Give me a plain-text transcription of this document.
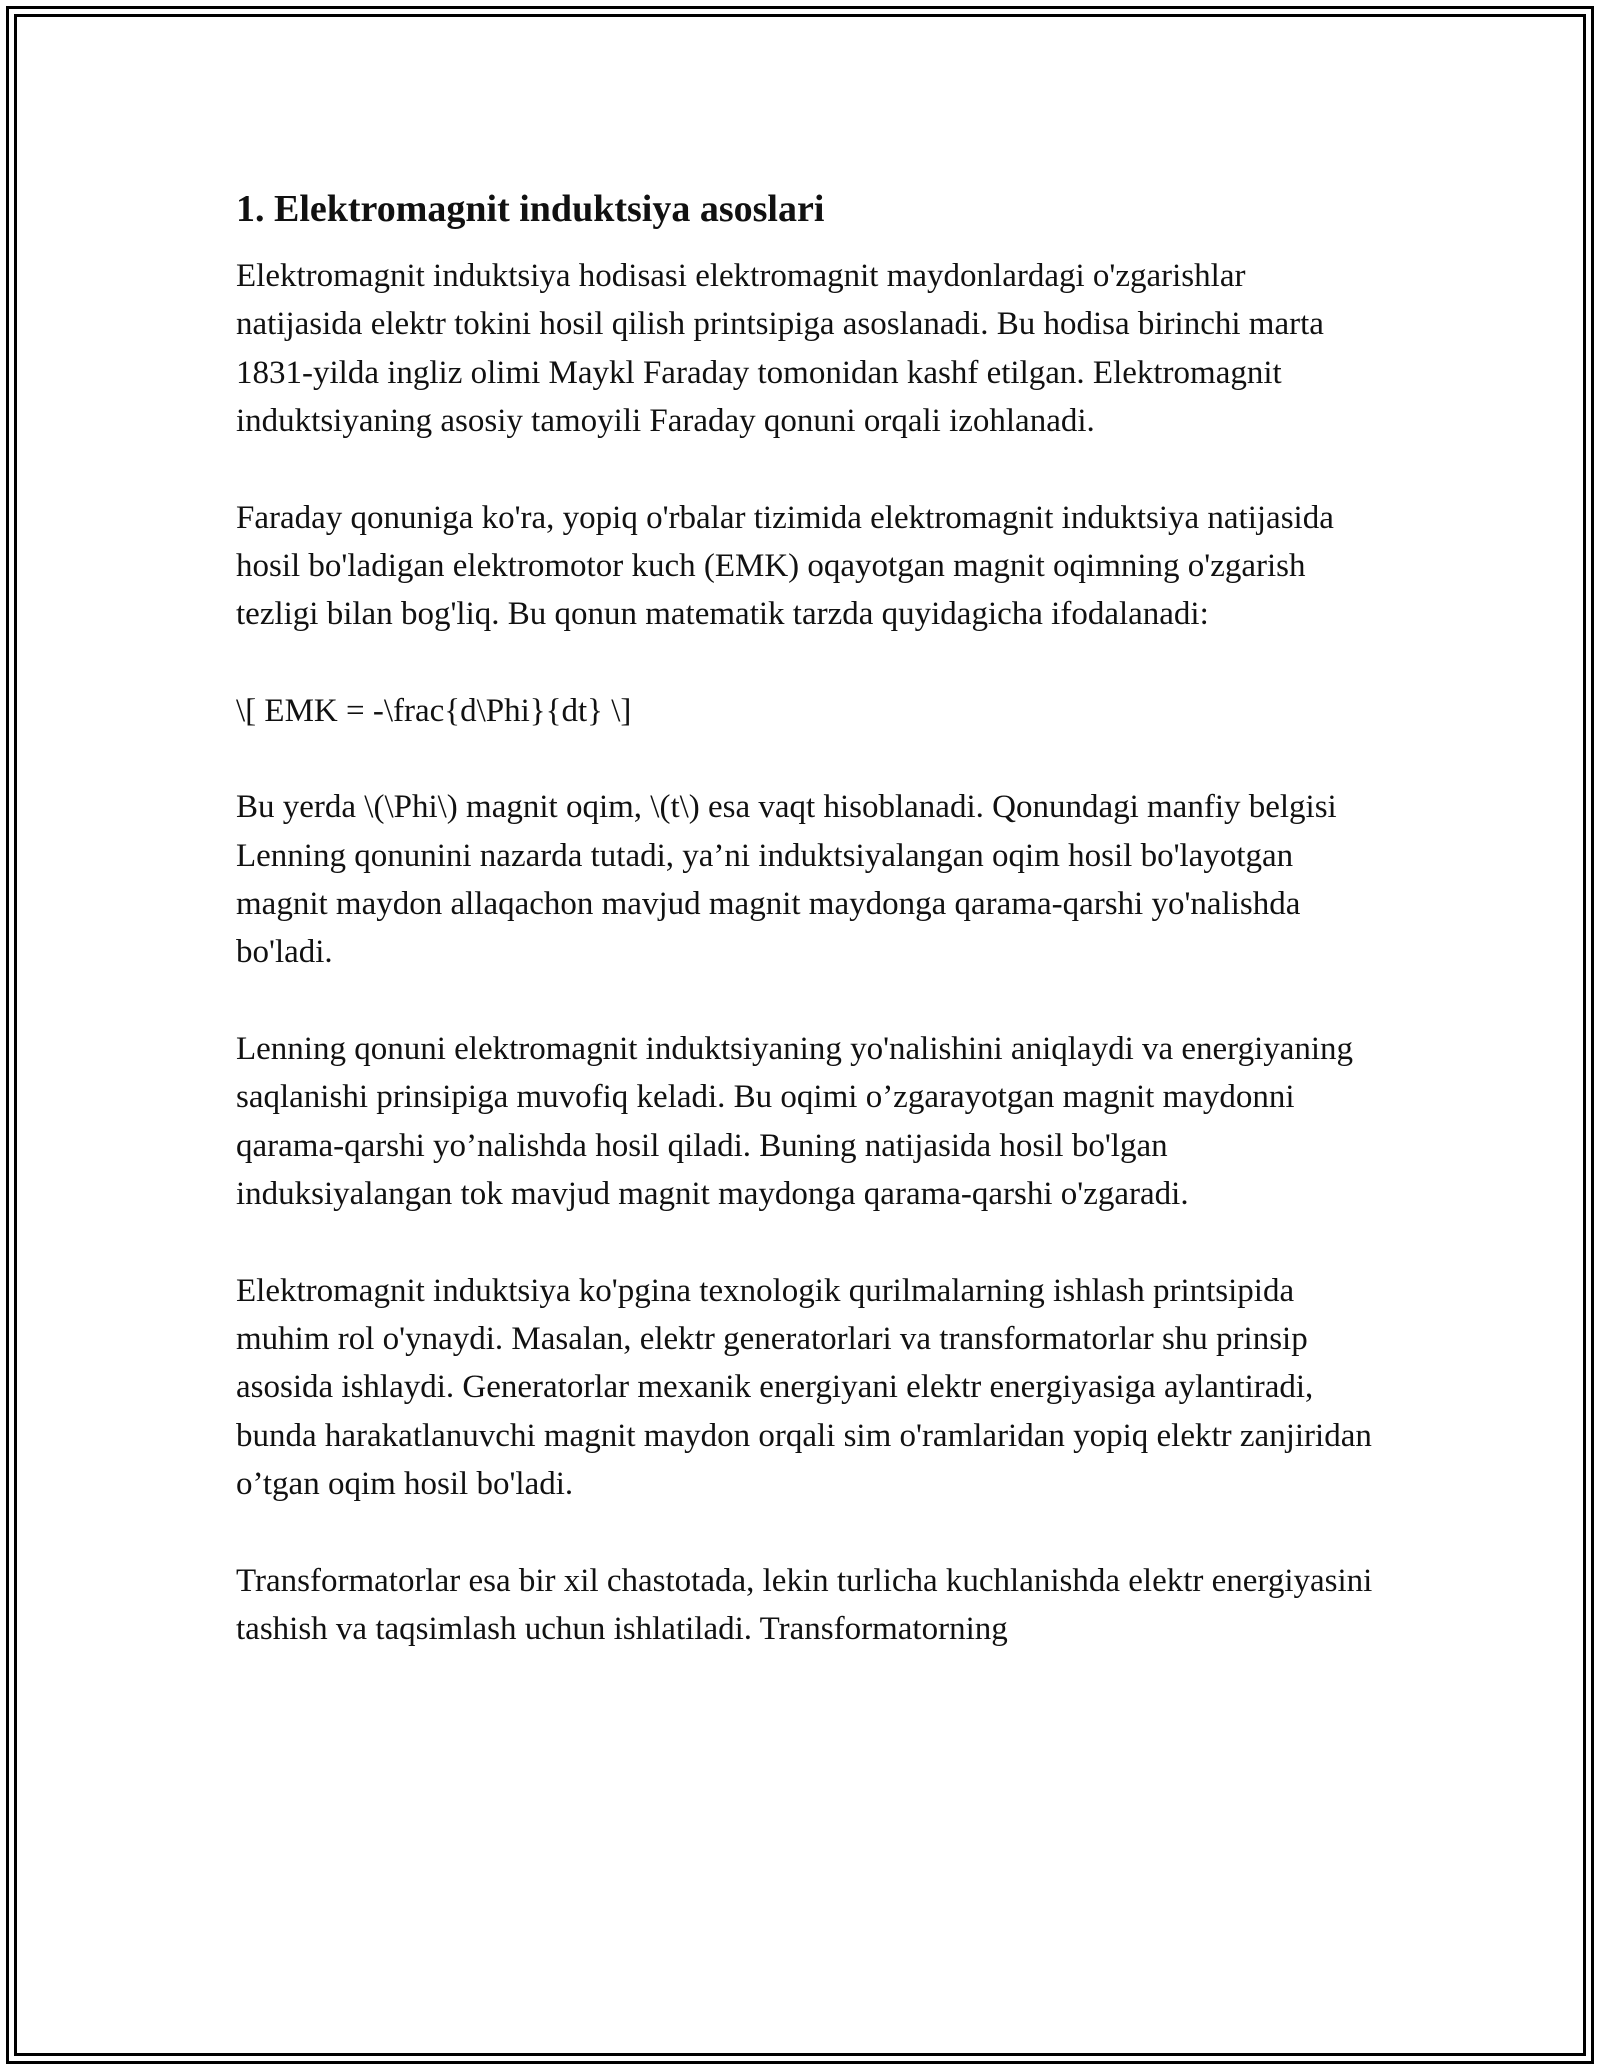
1. Elektromagnit induktsiya asoslari

Elektromagnit induktsiya hodisasi elektromagnit maydonlardagi o'zgarishlar natijasida elektr tokini hosil qilish printsipiga asoslanadi. Bu hodisa birinchi marta 1831-yilda ingliz olimi Maykl Faraday tomonidan kashf etilgan. Elektromagnit induktsiyaning asosiy tamoyili Faraday qonuni orqali izohlanadi.

Faraday qonuniga ko'ra, yopiq o'rbalar tizimida elektromagnit induktsiya natijasida hosil bo'ladigan elektromotor kuch (EMK) oqayotgan magnit oqimning o'zgarish tezligi bilan bog'liq. Bu qonun matematik tarzda quyidagicha ifodalanadi:

\[ EMK = -\frac{d\Phi}{dt} \]

Bu yerda \(\Phi\) magnit oqim, \(t\) esa vaqt hisoblanadi. Qonundagi manfiy belgisi Lenning qonunini nazarda tutadi, ya’ni induktsiyalangan oqim hosil bo'layotgan magnit maydon allaqachon mavjud magnit maydonga qarama-qarshi yo'nalishda bo'ladi.

Lenning qonuni elektromagnit induktsiyaning yo'nalishini aniqlaydi va energiyaning saqlanishi prinsipiga muvofiq keladi. Bu oqimi o’zgarayotgan magnit maydonni qarama-qarshi yo’nalishda hosil qiladi. Buning natijasida hosil bo'lgan induksiyalangan tok mavjud magnit maydonga qarama-qarshi o'zgaradi.

Elektromagnit induktsiya ko'pgina texnologik qurilmalarning ishlash printsipida muhim rol o'ynaydi. Masalan, elektr generatorlari va transformatorlar shu prinsip asosida ishlaydi. Generatorlar mexanik energiyani elektr energiyasiga aylantiradi, bunda harakatlanuvchi magnit maydon orqali sim o'ramlaridan yopiq elektr zanjiridan o’tgan oqim hosil bo'ladi.

Transformatorlar esa bir xil chastotada, lekin turlicha kuchlanishda elektr energiyasini tashish va taqsimlash uchun ishlatiladi. Transformatorning
